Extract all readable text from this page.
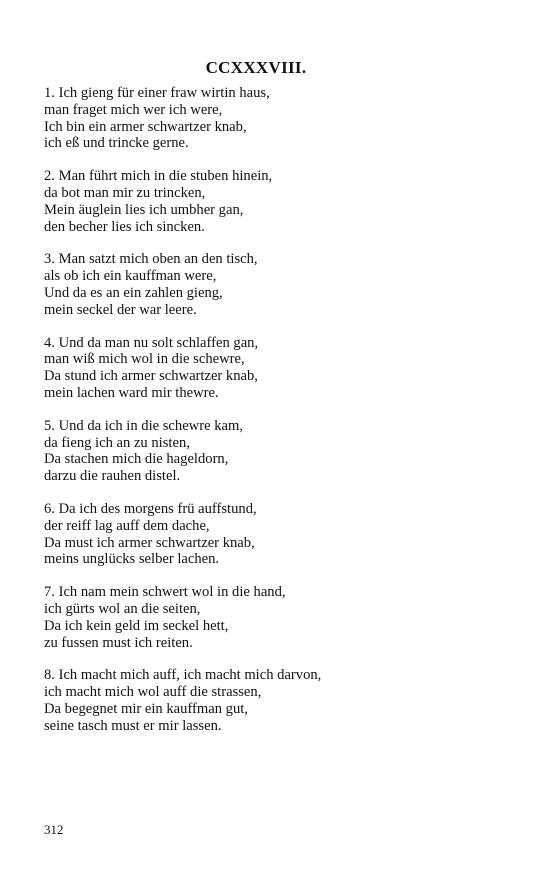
CCXXXVIII.
1. Ich gieng für einer fraw wirtin haus,
man fraget mich wer ich were,
Ich bin ein armer schwartzer knab,
ich eß und trincke gerne.
2. Man führt mich in die stuben hinein,
da bot man mir zu trincken,
Mein äuglein lies ich umbher gan,
den becher lies ich sincken.
3. Man satzt mich oben an den tisch,
als ob ich ein kauffman were,
Und da es an ein zahlen gieng,
mein seckel der war leere.
4. Und da man nu solt schlaffen gan,
man wiß mich wol in die schewre,
Da stund ich armer schwartzer knab,
mein lachen ward mir thewre.
5. Und da ich in die schewre kam,
da fieng ich an zu nisten,
Da stachen mich die hageldorn,
darzu die rauhen distel.
6. Da ich des morgens frü auffstund,
der reiff lag auff dem dache,
Da must ich armer schwartzer knab,
meins unglücks selber lachen.
7. Ich nam mein schwert wol in die hand,
ich gürts wol an die seiten,
Da ich kein geld im seckel hett,
zu fussen must ich reiten.
8. Ich macht mich auff, ich macht mich darvon,
ich macht mich wol auff die strassen,
Da begegnet mir ein kauffman gut,
seine tasch must er mir lassen.
312
